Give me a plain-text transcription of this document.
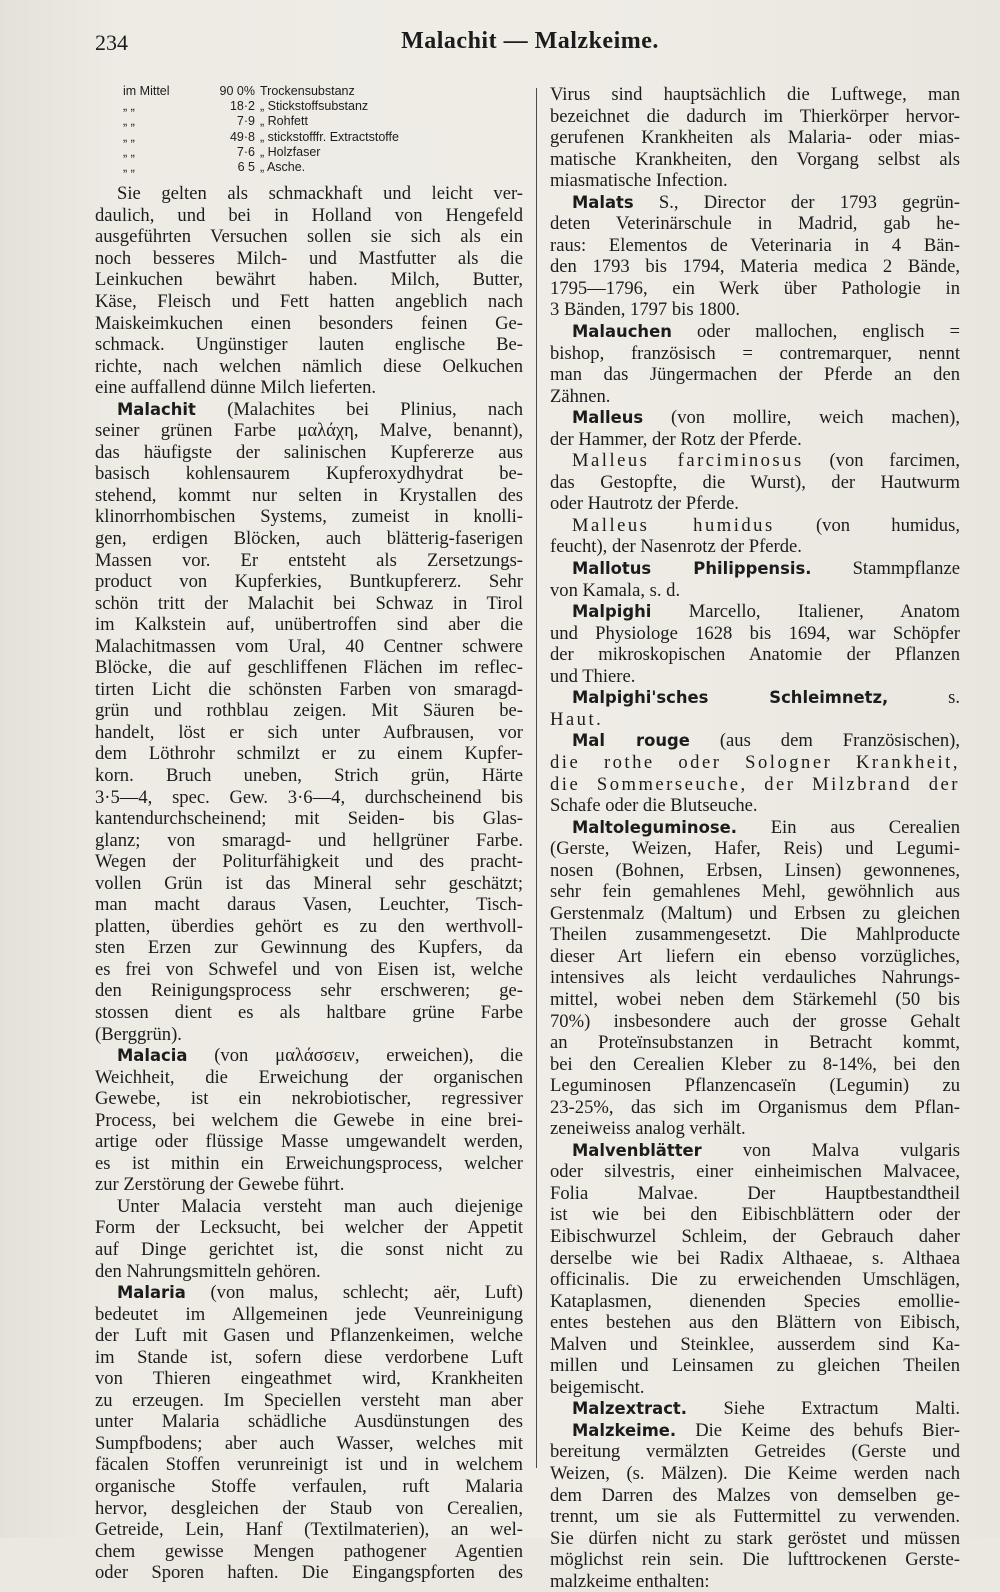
234	Malachit — Malzkeime.
im Mittel	90 0% Trockensubstanz
„ „	18·2 „ Stickstoffsubstanz
„ „	7·9 „ Rohfett
„ „	49·8 „ stickstofffr. Extractstoffe
„ „	7·6 „ Holzfaser
„ „	6 5 „ Asche.
Sie gelten als schmackhaft und leicht ver-
daulich, und bei in Holland von Hengefeld
ausgeführten Versuchen sollen sie sich als ein
noch besseres Milch- und Mastfutter als die
Leinkuchen bewährt haben. Milch, Butter,
Käse, Fleisch und Fett hatten angeblich nach
Maiskeimkuchen einen besonders feinen Ge-
schmack. Ungünstiger lauten englische Be-
richte, nach welchen nämlich diese Oelkuchen
eine auffallend dünne Milch lieferten.
Malachit (Malachites bei Plinius, nach
seiner grünen Farbe μαλάχη, Malve, benannt),
das häufigste der salinischen Kupfererze aus
basisch kohlensaurem Kupferoxydhydrat be-
stehend, kommt nur selten in Krystallen des
klinorrhombischen Systems, zumeist in knolli-
gen, erdigen Blöcken, auch blätterig-faserigen
Massen vor. Er entsteht als Zersetzungs-
product von Kupferkies, Buntkupfererz. Sehr
schön tritt der Malachit bei Schwaz in Tirol
im Kalkstein auf, unübertroffen sind aber die
Malachitmassen vom Ural, 40 Centner schwere
Blöcke, die auf geschliffenen Flächen im reflec-
tirten Licht die schönsten Farben von smaragd-
grün und rothblau zeigen. Mit Säuren be-
handelt, löst er sich unter Aufbrausen, vor
dem Löthrohr schmilzt er zu einem Kupfer-
korn. Bruch uneben, Strich grün, Härte
3·5—4, spec. Gew. 3·6—4, durchscheinend bis
kantendurchscheinend; mit Seiden- bis Glas-
glanz; von smaragd- und hellgrüner Farbe.
Wegen der Politurfähigkeit und des pracht-
vollen Grün ist das Mineral sehr geschätzt;
man macht daraus Vasen, Leuchter, Tisch-
platten, überdies gehört es zu den werthvoll-
sten Erzen zur Gewinnung des Kupfers, da
es frei von Schwefel und von Eisen ist, welche
den Reinigungsprocess sehr erschweren; ge-
stossen dient es als haltbare grüne Farbe
(Berggrün).
Malacia (von μαλάσσειν, erweichen), die
Weichheit, die Erweichung der organischen
Gewebe, ist ein nekrobiotischer, regressiver
Process, bei welchem die Gewebe in eine brei-
artige oder flüssige Masse umgewandelt werden,
es ist mithin ein Erweichungsprocess, welcher
zur Zerstörung der Gewebe führt.
Unter Malacia versteht man auch diejenige
Form der Lecksucht, bei welcher der Appetit
auf Dinge gerichtet ist, die sonst nicht zu
den Nahrungsmitteln gehören.
Malaria (von malus, schlecht; aër, Luft)
bedeutet im Allgemeinen jede Veunreinigung
der Luft mit Gasen und Pflanzenkeimen, welche
im Stande ist, sofern diese verdorbene Luft
von Thieren eingeathmet wird, Krankheiten
zu erzeugen. Im Speciellen versteht man aber
unter Malaria schädliche Ausdünstungen des
Sumpfbodens; aber auch Wasser, welches mit
fäcalen Stoffen verunreinigt ist und in welchem
organische Stoffe verfaulen, ruft Malaria
hervor, desgleichen der Staub von Cerealien,
Getreide, Lein, Hanf (Textilmaterien), an wel-
chem gewisse Mengen pathogener Agentien
oder Sporen haften. Die Eingangspforten des
Virus sind hauptsächlich die Luftwege, man
bezeichnet die dadurch im Thierkörper hervor-
gerufenen Krankheiten als Malaria- oder mias-
matische Krankheiten, den Vorgang selbst als
miasmatische Infection.
Malats S., Director der 1793 gegrün-
deten Veterinärschule in Madrid, gab he-
raus: Elementos de Veterinaria in 4 Bän-
den 1793 bis 1794, Materia medica 2 Bände,
1795—1796, ein Werk über Pathologie in
3 Bänden, 1797 bis 1800.
Malauchen oder mallochen, englisch =
bishop, französisch = contremarquer, nennt
man das Jüngermachen der Pferde an den
Zähnen.
Malleus (von mollire, weich machen),
der Hammer, der Rotz der Pferde.
Malleus farciminosus (von farcimen,
das Gestopfte, die Wurst), der Hautwurm
oder Hautrotz der Pferde.
Malleus humidus (von humidus,
feucht), der Nasenrotz der Pferde.
Mallotus Philippensis. Stammpflanze
von Kamala, s. d.
Malpighi Marcello, Italiener, Anatom
und Physiologe 1628 bis 1694, war Schöpfer
der mikroskopischen Anatomie der Pflanzen
und Thiere.
Malpighi'sches Schleimnetz,	s.
Haut.
Mal rouge (aus dem Französischen),
die rothe oder Sologner Krankheit,
die Sommerseuche, der Milzbrand der
Schafe oder die Blutseuche.
Maltoleguminose. Ein aus Cerealien
(Gerste, Weizen, Hafer, Reis) und Legumi-
nosen (Bohnen, Erbsen, Linsen) gewonnenes,
sehr fein gemahlenes Mehl, gewöhnlich aus
Gerstenmalz (Maltum) und Erbsen zu gleichen
Theilen zusammengesetzt. Die Mahlproducte
dieser Art liefern ein ebenso vorzügliches,
intensives als leicht verdauliches Nahrungs-
mittel, wobei neben dem Stärkemehl (50 bis
70%) insbesondere auch der grosse Gehalt
an Proteïnsubstanzen in Betracht kommt,
bei den Cerealien Kleber zu 8-14%, bei den
Leguminosen Pflanzencaseïn (Legumin) zu
23-25%, das sich im Organismus dem Pflan-
zeneiweiss analog verhält.
Malvenblätter von Malva vulgaris
oder silvestris, einer einheimischen Malvacee,
Folia Malvae. Der Hauptbestandtheil
ist wie bei den Eibischblättern oder der
Eibischwurzel Schleim, der Gebrauch daher
derselbe wie bei Radix Althaeae, s. Althaea
officinalis. Die zu erweichenden Umschlägen,
Kataplasmen, dienenden Species emollie-
entes bestehen aus den Blättern von Eibisch,
Malven und Steinklee, ausserdem sind Ka-
millen und Leinsamen zu gleichen Theilen
beigemischt.
Malzextract. Siehe Extractum Malti.
Malzkeime. Die Keime des behufs Bier-
bereitung vermälzten Getreides (Gerste und
Weizen, (s. Mälzen). Die Keime werden nach
dem Darren des Malzes von demselben ge-
trennt, um sie als Futtermittel zu verwenden.
Sie dürfen nicht zu stark geröstet und müssen
möglichst rein sein. Die lufttrockenen Gerste-
malzkeime enthalten:
